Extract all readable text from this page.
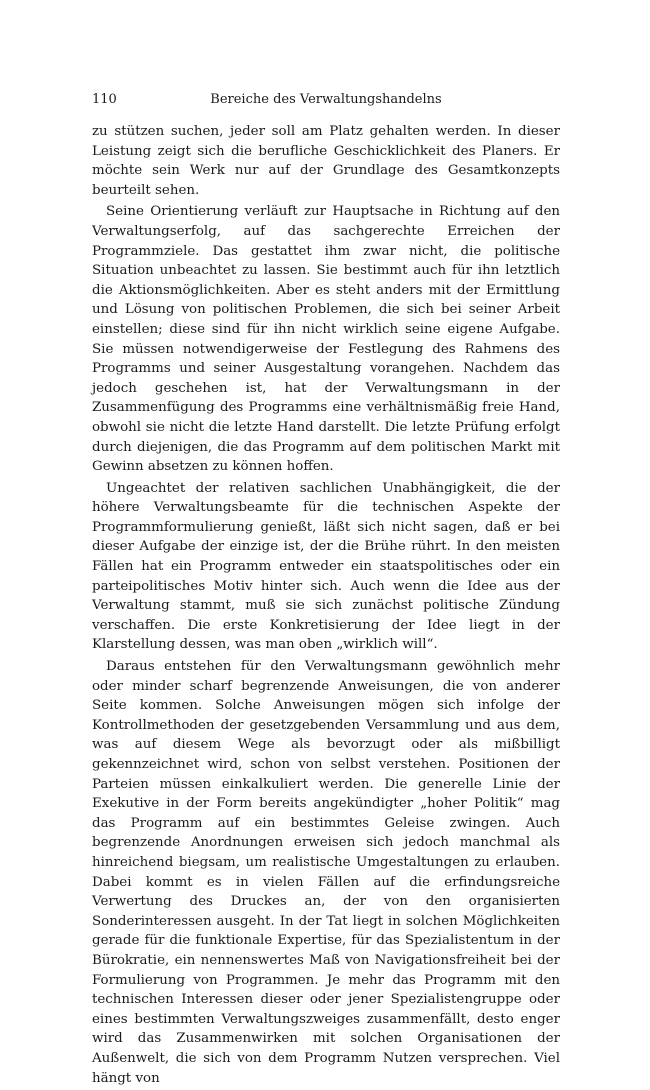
110	Bereiche des Verwaltungshandelns

zu stützen suchen, jeder soll am Platz gehalten werden. In dieser Leistung zeigt sich die berufliche Geschicklichkeit des Planers. Er möchte sein Werk nur auf der Grundlage des Gesamtkonzepts beurteilt sehen.

Seine Orientierung verläuft zur Hauptsache in Richtung auf den Verwaltungserfolg, auf das sachgerechte Erreichen der Programmziele. Das gestattet ihm zwar nicht, die politische Situation unbeachtet zu lassen. Sie bestimmt auch für ihn letztlich die Aktionsmöglichkeiten. Aber es steht anders mit der Ermittlung und Lösung von politischen Problemen, die sich bei seiner Arbeit einstellen; diese sind für ihn nicht wirklich seine eigene Aufgabe. Sie müssen notwendigerweise der Festlegung des Rahmens des Programms und seiner Ausgestaltung vorangehen. Nachdem das jedoch geschehen ist, hat der Verwaltungsmann in der Zusammenfügung des Programms eine verhältnismäßig freie Hand, obwohl sie nicht die letzte Hand darstellt. Die letzte Prüfung erfolgt durch diejenigen, die das Programm auf dem politischen Markt mit Gewinn absetzen zu können hoffen.

Ungeachtet der relativen sachlichen Unabhängigkeit, die der höhere Verwaltungsbeamte für die technischen Aspekte der Programmformulierung genießt, läßt sich nicht sagen, daß er bei dieser Aufgabe der einzige ist, der die Brühe rührt. In den meisten Fällen hat ein Programm entweder ein staatspolitisches oder ein parteipolitisches Motiv hinter sich. Auch wenn die Idee aus der Verwaltung stammt, muß sie sich zunächst politische Zündung verschaffen. Die erste Konkretisierung der Idee liegt in der Klarstellung dessen, was man oben „wirklich will“.

Daraus entstehen für den Verwaltungsmann gewöhnlich mehr oder minder scharf begrenzende Anweisungen, die von anderer Seite kommen. Solche Anweisungen mögen sich infolge der Kontrollmethoden der gesetzgebenden Versammlung und aus dem, was auf diesem Wege als bevorzugt oder als mißbilligt gekennzeichnet wird, schon von selbst verstehen. Positionen der Parteien müssen einkalkuliert werden. Die generelle Linie der Exekutive in der Form bereits angekündigter „hoher Politik“ mag das Programm auf ein bestimmtes Geleise zwingen. Auch begrenzende Anordnungen erweisen sich jedoch manchmal als hinreichend biegsam, um realistische Umgestaltungen zu erlauben. Dabei kommt es in vielen Fällen auf die erfindungsreiche Verwertung des Druckes an, der von den organisierten Sonderinteressen ausgeht. In der Tat liegt in solchen Möglichkeiten gerade für die funktionale Expertise, für das Spezialistentum in der Bürokratie, ein nennenswertes Maß von Navigationsfreiheit bei der Formulierung von Programmen. Je mehr das Programm mit den technischen Interessen dieser oder jener Spezialistengruppe oder eines bestimmten Verwaltungszweiges zusammenfällt, desto enger wird das Zusammenwirken mit solchen Organisationen der Außenwelt, die sich von dem Programm Nutzen versprechen. Viel hängt von
